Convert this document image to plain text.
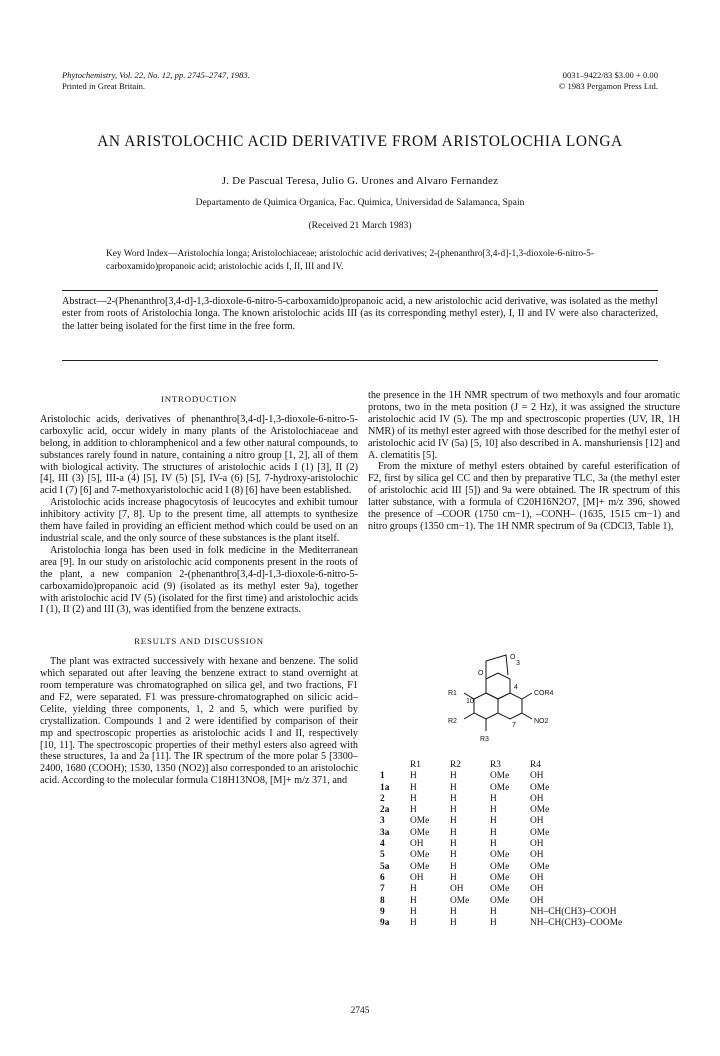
Phytochemistry, Vol. 22, No. 12, pp. 2745–2747, 1983.
Printed in Great Britain.
0031–9422/83 $3.00 + 0.00
© 1983 Pergamon Press Ltd.
AN ARISTOLOCHIC ACID DERIVATIVE FROM ARISTOLOCHIA LONGA
J. De Pascual Teresa, Julio G. Urones and Alvaro Fernandez
Departamento de Quimica Organica, Fac. Quimica, Universidad de Salamanca, Spain
(Received 21 March 1983)
Key Word Index—Aristolochia longa; Aristolochiaceae; aristolochic acid derivatives; 2-(phenanthro[3,4-d]-1,3-dioxole-6-nitro-5-carboxamido)propanoic acid; aristolochic acids I, II, III and IV.
Abstract—2-(Phenanthro[3,4-d]-1,3-dioxole-6-nitro-5-carboxamido)propanoic acid, a new aristolochic acid derivative, was isolated as the methyl ester from roots of Aristolochia longa. The known aristolochic acids III (as its corresponding methyl ester), I, II and IV were also characterized, the latter being isolated for the first time in the free form.
INTRODUCTION

Aristolochic acids, derivatives of phenanthro[3,4-d]-1,3-dioxole-6-nitro-5-carboxylic acid, occur widely in many plants of the Aristolochiaceae and belong, in addition to chloramphenicol and a few other natural compounds, to substances rarely found in nature, containing a nitro group [1, 2], all of them with biological activity. The structures of aristolochic acids I (1) [3], II (2) [4], III (3) [5], III-a (4) [5], IV (5) [5], IV-a (6) [5], 7-hydroxy-aristolochic acid I (7) [6] and 7-methoxyaristolochic acid I (8) [6] have been established.

Aristolochic acids increase phagocytosis of leucocytes and exhibit tumour inhibitory activity [7, 8]. Up to the present time, all attempts to synthesize them have failed in providing an efficient method which could be used on an industrial scale, and the only source of these substances is the plant itself.

Aristolochia longa has been used in folk medicine in the Mediterranean area [9]. In our study on aristolochic acid components present in the roots of the plant, a new companion 2-(phenanthro[3,4-d]-1,3-dioxole-6-nitro-5-carboxamido)propanoic acid (9) (isolated as its methyl ester 9a), together with aristolochic acid IV (5) (isolated for the first time) and aristolochic acids I (1), II (2) and III (3), was identified from the benzene extracts.

RESULTS AND DISCUSSION

The plant was extracted successively with hexane and benzene. The solid which separated out after leaving the benzene extract to stand overnight at room temperature was chromatographed on silica gel, and two fractions, F1 and F2, were separated. F1 was pressure-chromatographed on silicic acid–Celite, yielding three components, 1, 2 and 5, which were purified by crystallization. Compounds 1 and 2 were identified by comparison of their mp and spectroscopic properties as aristolochic acids I and II, respectively [10, 11]. The spectroscopic properties of their methyl esters also agreed with these structures, 1a and 2a [11]. The IR spectrum of the more polar 5 [3300–2400, 1680 (COOH); 1530, 1350 (NO2)] also corresponded to an aristolochic acid. According to the molecular formula C18H13NO8, [M]+ m/z 371, and

the presence in the 1H NMR spectrum of two methoxyls and four aromatic protons, two in the meta position (J = 2 Hz), it was assigned the structure aristolochic acid IV (5). The mp and spectroscopic properties (UV, IR, 1H NMR) of its methyl ester agreed with those described for the methyl ester of aristolochic acid IV (5a) [5, 10] also described in A. manshuriensis [12] and A. clematitis [5].

From the mixture of methyl esters obtained by careful esterification of F2, first by silica gel CC and then by preparative TLC, 3a (the methyl ester of aristolochic acid III [5]) and 9a were obtained. The IR spectrum of this latter substance, with a formula of C20H16N2O7, [M]+ m/z 396, showed the presence of –COOR (1750 cm−1), –CONH– (1635, 1515 cm−1) and nitro groups (1350 cm−1). The 1H NMR spectrum of 9a (CDCl3, Table 1),

O
O
3
4
10
7
R1
R2
R3
COR4
NO2
	R1	R2	R3	R4
1	H	H	OMe	OH
1a	H	H	OMe	OMe
2	H	H	H	OH
2a	H	H	H	OMe
3	OMe	H	H	OH
3a	OMe	H	H	OMe
4	OH	H	H	OH
5	OMe	H	OMe	OH
5a	OMe	H	OMe	OMe
6	OH	H	OMe	OH
7	H	OH	OMe	OH
8	H	OMe	OMe	OH
9	H	H	H	NH–CH(CH3)–COOH
9a	H	H	H	NH–CH(CH3)–COOMe
2745
